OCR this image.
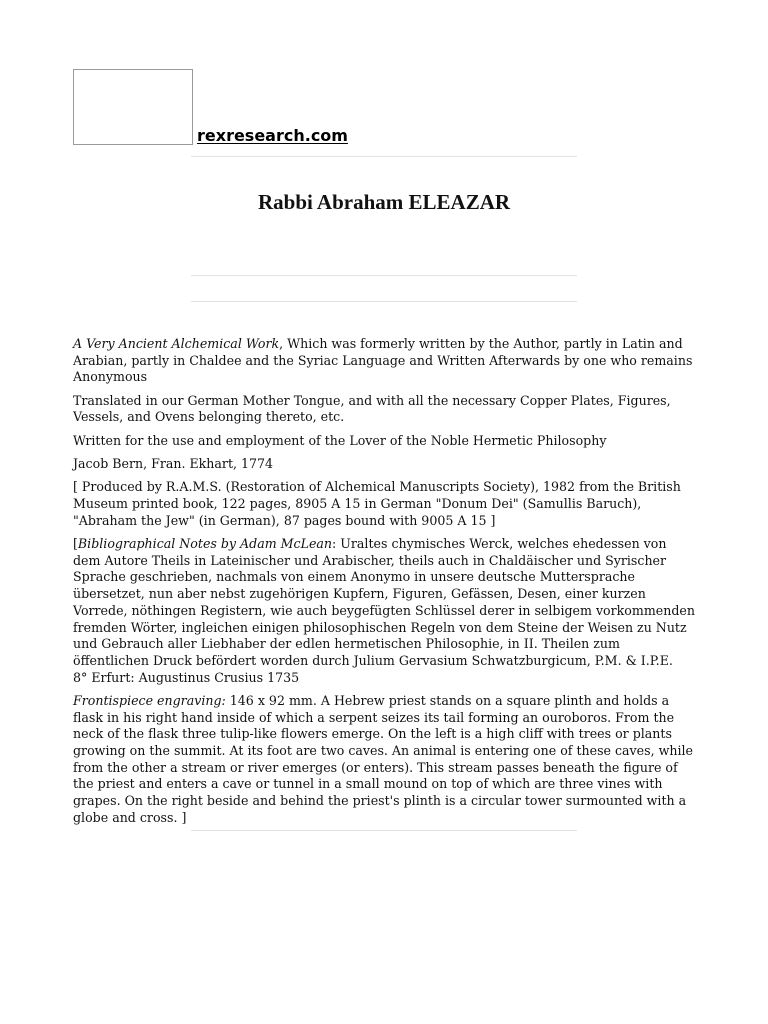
rexresearch.com
Rabbi Abraham ELEAZAR

A Very Ancient Alchemical Work, Which was formerly written by the Author, partly in Latin and Arabian, partly in Chaldee and the Syriac Language and Written Afterwards by one who remains Anonymous

Translated in our German Mother Tongue, and with all the necessary Copper Plates, Figures, Vessels, and Ovens belonging thereto, etc.

Written for the use and employment of the Lover of the Noble Hermetic Philosophy

Jacob Bern, Fran. Ekhart, 1774

[ Produced by R.A.M.S. (Restoration of Alchemical Manuscripts Society), 1982 from the British Museum printed book, 122 pages, 8905 A 15 in German "Donum Dei" (Samullis Baruch), "Abraham the Jew" (in German), 87 pages bound with 9005 A 15 ]

[Bibliographical Notes by Adam McLean: Uraltes chymisches Werck, welches ehedessen von dem Autore Theils in Lateinischer und Arabischer, theils auch in Chaldäischer und Syrischer Sprache geschrieben, nachmals von einem Anonymo in unsere deutsche Muttersprache übersetzet, nun aber nebst zugehörigen Kupfern, Figuren, Gefässen, Desen, einer kurzen Vorrede, nöthingen Registern, wie auch beygefügten Schlüssel derer in selbigem vorkommenden fremden Wörter, ingleichen einigen philosophischen Regeln von dem Steine der Weisen zu Nutz und Gebrauch aller Liebhaber der edlen hermetischen Philosophie, in II. Theilen zum öffentlichen Druck befördert worden durch Julium Gervasium Schwatzburgicum, P.M. & I.P.E.
8° Erfurt: Augustinus Crusius 1735

Frontispiece engraving: 146 x 92 mm. A Hebrew priest stands on a square plinth and holds a flask in his right hand inside of which a serpent seizes its tail forming an ouroboros. From the neck of the flask three tulip-like flowers emerge. On the left is a high cliff with trees or plants growing on the summit. At its foot are two caves. An animal is entering one of these caves, while from the other a stream or river emerges (or enters). This stream passes beneath the figure of the priest and enters a cave or tunnel in a small mound on top of which are three vines with grapes. On the right beside and behind the priest's plinth is a circular tower surmounted with a globe and cross. ]
